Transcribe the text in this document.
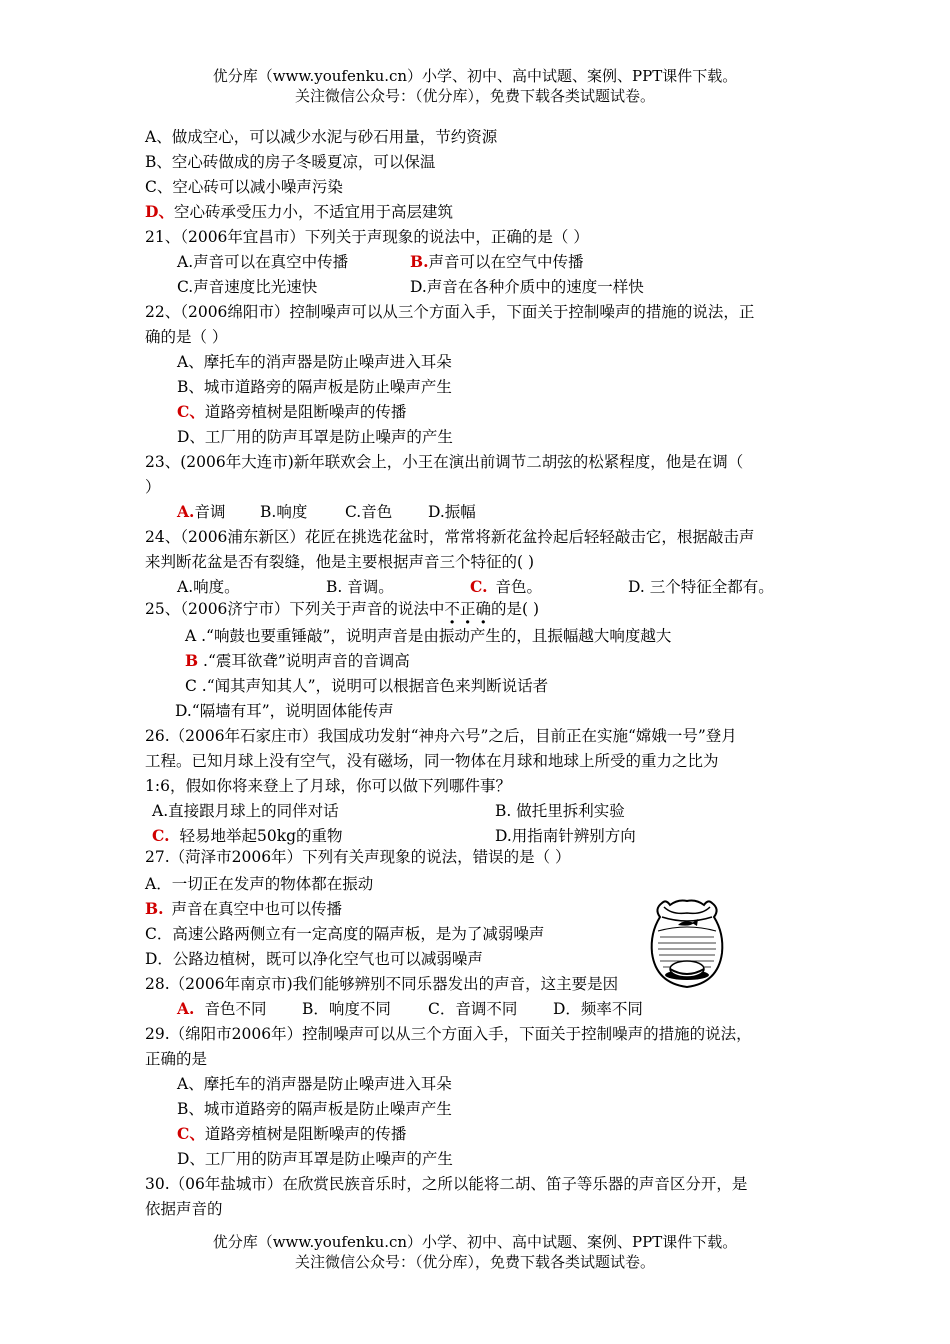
优分库（www.youfenku.cn）小学、初中、高中试题、案例、PPT课件下载。
关注微信公众号：（优分库），免费下载各类试题试卷。
A、做成空心，可以减少水泥与砂石用量，节约资源
B、空心砖做成的房子冬暖夏凉，可以保温
C、空心砖可以减小噪声污染
D、空心砖承受压力小，不适宜用于高层建筑
21、（2006年宜昌市）下列关于声现象的说法中，正确的是（ ）
A.声音可以在真空中传播	B.声音可以在空气中传播
C.声音速度比光速快	D.声音在各种介质中的速度一样快
22、（2006绵阳市）控制噪声可以从三个方面入手，下面关于控制噪声的措施的说法，正
确的是（ ）
A、摩托车的消声器是防止噪声进入耳朵
B、城市道路旁的隔声板是防止噪声产生
C、道路旁植树是阻断噪声的传播
D、工厂用的防声耳罩是防止噪声的产生
23、(2006年大连市)新年联欢会上，小王在演出前调节二胡弦的松紧程度，他是在调（
）
A.音调 B.响度 C.音色 D.振幅
24、（2006浦东新区）花匠在挑选花盆时，常常将新花盆拎起后轻轻敲击它，根据敲击声
来判断花盆是否有裂缝，他是主要根据声音三个特征的( )
A.响度。	B. 音调。	C. 音色。	D. 三个特征全都有。
25、（2006济宁市）下列关于声音的说法中不正确的是( )
A .“响鼓也要重锤敲”，说明声音是由振动产生的，且振幅越大响度越大
B .“震耳欲聋”说明声音的音调高
C .“闻其声知其人”，说明可以根据音色来判断说话者
D.“隔墙有耳”，说明固体能传声
26.（2006年石家庄市）我国成功发射“神舟六号”之后，目前正在实施“嫦娥一号”登月
工程。已知月球上没有空气，没有磁场，同一物体在月球和地球上所受的重力之比为
1:6，假如你将来登上了月球，你可以做下列哪件事？
A.直接跟月球上的同伴对话	B. 做托里拆利实验
C. 轻易地举起50kg的重物	D.用指南针辨别方向
27.（菏泽市2006年）下列有关声现象的说法，错误的是（ ）
A．一切正在发声的物体都在振动
B. 声音在真空中也可以传播
C．高速公路两侧立有一定高度的隔声板，是为了减弱噪声
D．公路边植树，既可以净化空气也可以减弱噪声
28.（2006年南京市)我们能够辨别不同乐器发出的声音，这主要是因
A. 音色不同 B．响度不同 C．音调不同 D．频率不同
29.（绵阳市2006年）控制噪声可以从三个方面入手，下面关于控制噪声的措施的说法，
正确的是
A、摩托车的消声器是防止噪声进入耳朵
B、城市道路旁的隔声板是防止噪声产生
C、道路旁植树是阻断噪声的传播
D、工厂用的防声耳罩是防止噪声的产生
30.（06年盐城市）在欣赏民族音乐时，之所以能将二胡、笛子等乐器的声音区分开，是
依据声音的
优分库（www.youfenku.cn）小学、初中、高中试题、案例、PPT课件下载。
关注微信公众号：（优分库），免费下载各类试题试卷。
